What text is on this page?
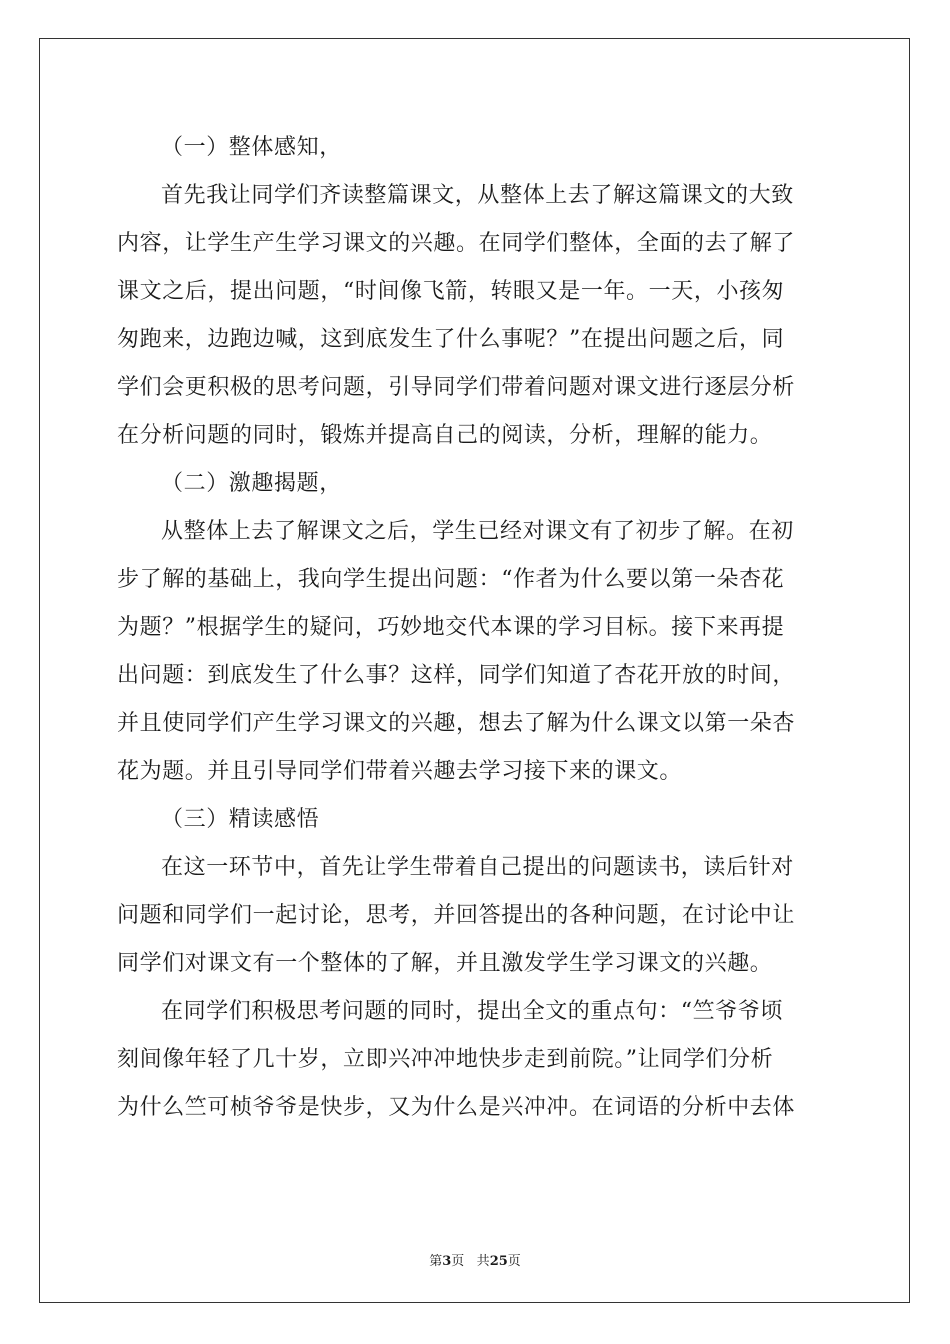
（一）整体感知，
首先我让同学们齐读整篇课文，从整体上去了解这篇课文的大致
内容，让学生产生学习课文的兴趣。在同学们整体，全面的去了解了
课文之后，提出问题，“时间像飞箭，转眼又是一年。一天，小孩匆
匆跑来，边跑边喊，这到底发生了什么事呢？”在提出问题之后，同
学们会更积极的思考问题，引导同学们带着问题对课文进行逐层分析
在分析问题的同时，锻炼并提高自己的阅读，分析，理解的能力。
（二）激趣揭题，
从整体上去了解课文之后，学生已经对课文有了初步了解。在初
步了解的基础上，我向学生提出问题：“作者为什么要以第一朵杏花
为题？”根据学生的疑问，巧妙地交代本课的学习目标。接下来再提
出问题：到底发生了什么事？这样，同学们知道了杏花开放的时间，
并且使同学们产生学习课文的兴趣，想去了解为什么课文以第一朵杏
花为题。并且引导同学们带着兴趣去学习接下来的课文。
（三）精读感悟
在这一环节中，首先让学生带着自己提出的问题读书，读后针对
问题和同学们一起讨论，思考，并回答提出的各种问题，在讨论中让
同学们对课文有一个整体的了解，并且激发学生学习课文的兴趣。
在同学们积极思考问题的同时，提出全文的重点句：“竺爷爷顷
刻间像年轻了几十岁，立即兴冲冲地快步走到前院。”让同学们分析
为什么竺可桢爷爷是快步，又为什么是兴冲冲。在词语的分析中去体
第3页 共25页
